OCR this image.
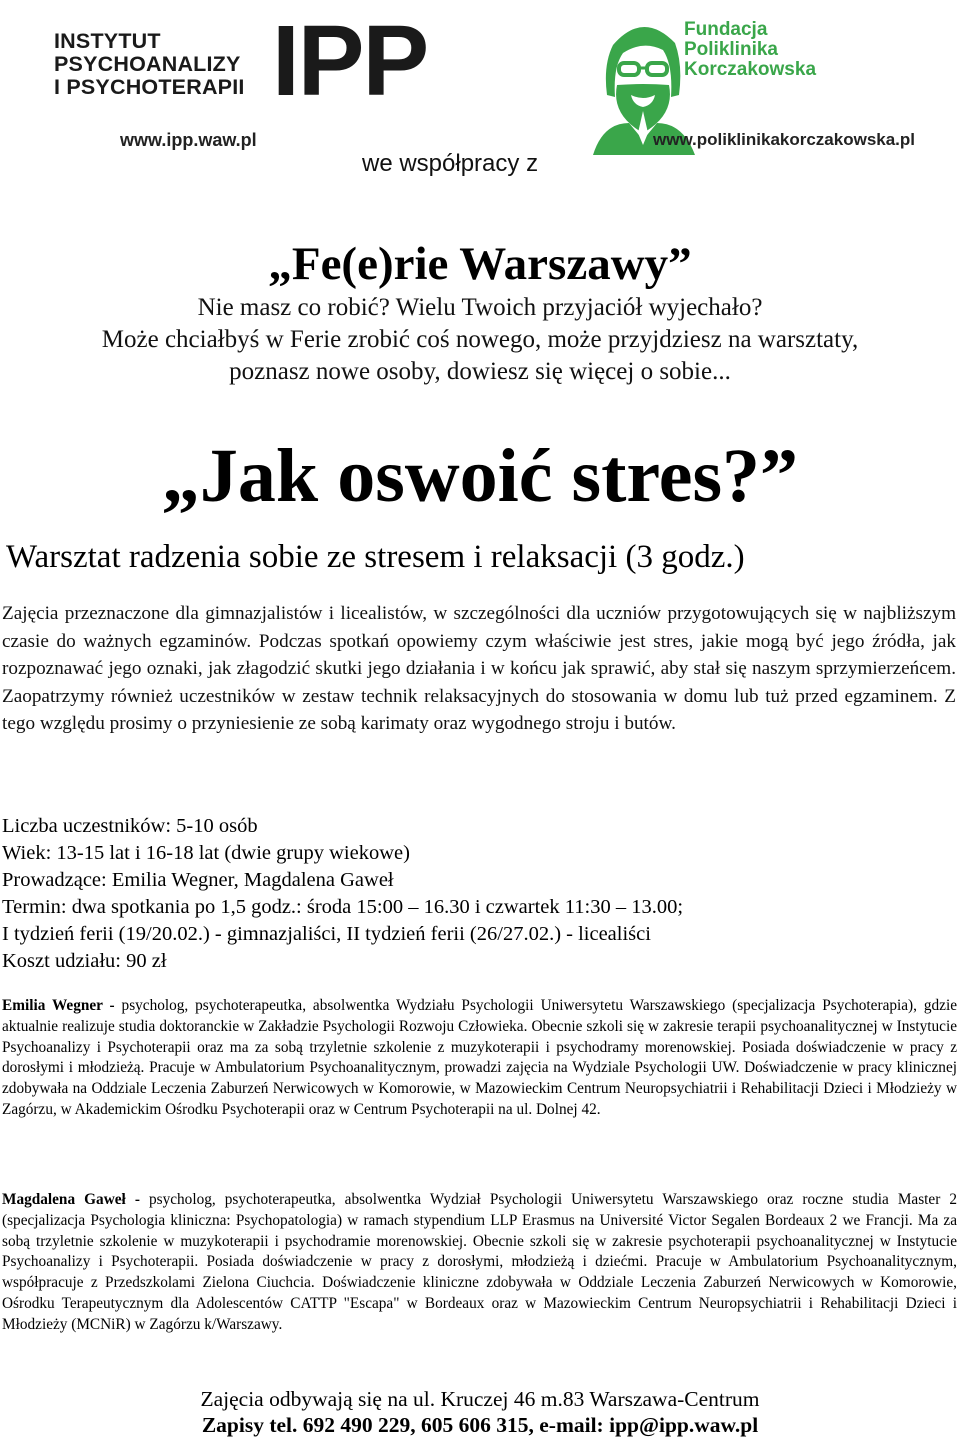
INSTYTUT
PSYCHOANALIZY
I PSYCHOTERAPII IPP
www.ipp.waw.pl
we współpracy z
Fundacja
Poliklinika
Korczakowska
www.poliklinikakorczakowska.pl
„Fe(e)rie Warszawy”
Nie masz co robić? Wielu Twoich przyjaciół wyjechało?
Może chciałbyś w Ferie zrobić coś nowego, może przyjdziesz na warsztaty,
poznasz nowe osoby, dowiesz się więcej o sobie...
„Jak oswoić stres?”
Warsztat radzenia sobie ze stresem i relaksacji (3 godz.)
Zajęcia przeznaczone dla gimnazjalistów i licealistów, w szczególności dla uczniów przygotowujących się w najbliższym czasie do ważnych egzaminów. Podczas spotkań opowiemy czym właściwie jest stres, jakie mogą być jego źródła, jak rozpoznawać jego oznaki, jak złagodzić skutki jego działania i w końcu jak sprawić, aby stał się naszym sprzymierzeńcem. Zaopatrzymy również uczestników w zestaw technik relaksacyjnych do stosowania w domu lub tuż przed egzaminem. Z tego względu prosimy o przyniesienie ze sobą karimaty oraz wygodnego stroju i butów.
Liczba uczestników: 5-10 osób
Wiek: 13-15 lat i 16-18 lat (dwie grupy wiekowe)
Prowadzące: Emilia Wegner, Magdalena Gaweł
Termin: dwa spotkania po 1,5 godz.: środa 15:00 – 16.30 i czwartek 11:30 – 13.00;
I tydzień ferii (19/20.02.) - gimnazjaliści, II tydzień ferii (26/27.02.) - licealiści
Koszt udziału: 90 zł
Emilia Wegner - psycholog, psychoterapeutka, absolwentka Wydziału Psychologii Uniwersytetu Warszawskiego (specjalizacja Psychoterapia), gdzie aktualnie realizuje studia doktoranckie w Zakładzie Psychologii Rozwoju Człowieka. Obecnie szkoli się w zakresie terapii psychoanalitycznej w Instytucie Psychoanalizy i Psychoterapii oraz ma za sobą trzyletnie szkolenie z muzykoterapii i psychodramy morenowskiej. Posiada doświadczenie w pracy z dorosłymi i młodzieżą. Pracuje w Ambulatorium Psychoanalitycznym, prowadzi zajęcia na Wydziale Psychologii UW. Doświadczenie w pracy klinicznej zdobywała na Oddziale Leczenia Zaburzeń Nerwicowych w Komorowie, w Mazowieckim Centrum Neuropsychiatrii i Rehabilitacji Dzieci i Młodzieży w Zagórzu, w Akademickim Ośrodku Psychoterapii oraz w Centrum Psychoterapii na ul. Dolnej 42.
Magdalena Gaweł - psycholog, psychoterapeutka, absolwentka Wydział Psychologii Uniwersytetu Warszawskiego oraz roczne studia Master 2 (specjalizacja Psychologia kliniczna: Psychopatologia) w ramach stypendium LLP Erasmus na Université Victor Segalen Bordeaux 2 we Francji. Ma za sobą trzyletnie szkolenie w muzykoterapii i psychodramie morenowskiej. Obecnie szkoli się w zakresie psychoterapii psychoanalitycznej w Instytucie Psychoanalizy i Psychoterapii. Posiada doświadczenie w pracy z dorosłymi, młodzieżą i dziećmi. Pracuje w Ambulatorium Psychoanalitycznym, współpracuje z Przedszkolami Zielona Ciuchcia. Doświadczenie kliniczne zdobywała w Oddziale Leczenia Zaburzeń Nerwicowych w Komorowie, Ośrodku Terapeutycznym dla Adolescentów CATTP "Escapa" w Bordeaux oraz w Mazowieckim Centrum Neuropsychiatrii i Rehabilitacji Dzieci i Młodzieży (MCNiR) w Zagórzu k/Warszawy.
Zajęcia odbywają się na ul. Kruczej 46 m.83 Warszawa-Centrum
Zapisy tel. 692 490 229, 605 606 315, e-mail: ipp@ipp.waw.pl
